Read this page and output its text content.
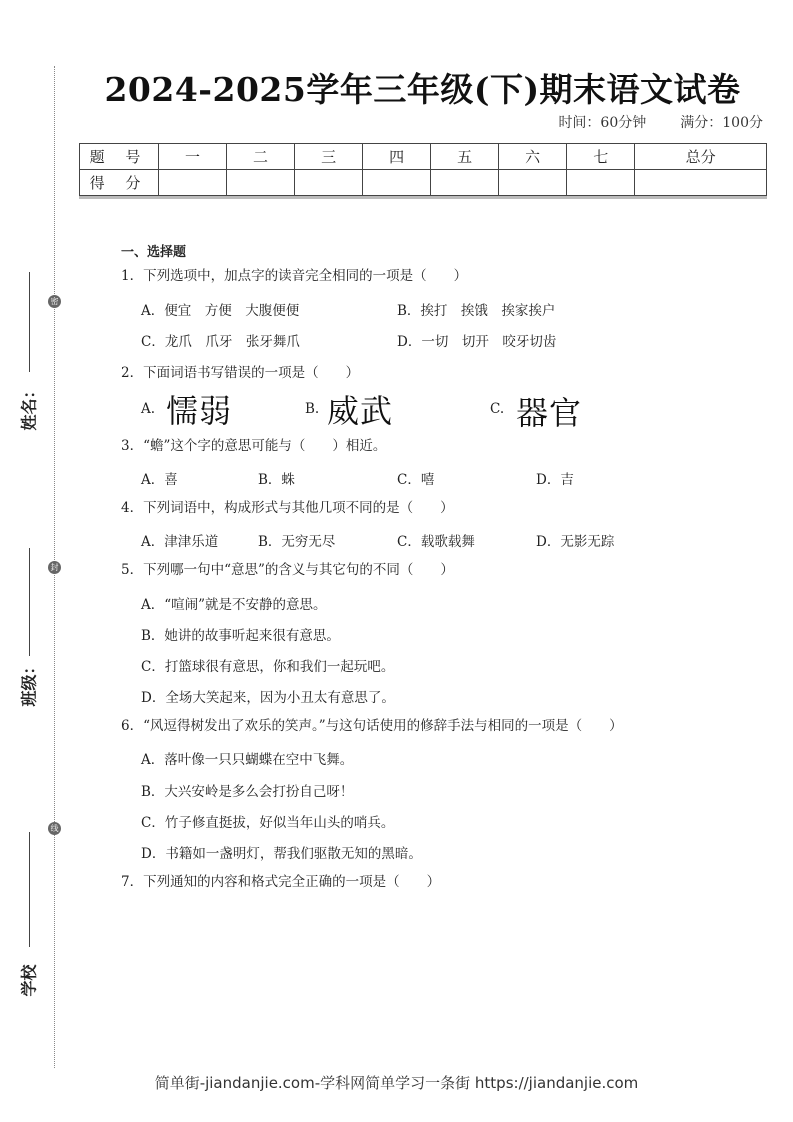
2024-2025学年三年级(下)期末语文试卷
时间：60分钟 满分：100分
题 号	一	二	三	四	五	六	七	总分
得 分								
密
封
线
姓名：
班级：
学校
一、选择题
1．下列选项中，加点字的读音完全相同的一项是（　　）
A．便宜　方便　大腹便便	B．挨打　挨饿　挨家挨户
C．龙爪　爪牙　张牙舞爪	D．一切　切开　咬牙切齿
2．下面词语书写错误的一项是（　　）
A. 懦弱	B. 威武	C. 器官
3．“蟾”这个字的意思可能与（　　）相近。
A．喜	B．蛛	C．嘻	D．吉
4．下列词语中，构成形式与其他几项不同的是（　　）
A．津津乐道	B．无穷无尽	C．载歌载舞	D．无影无踪
5．下列哪一句中“意思”的含义与其它句的不同（　　）
A．“喧闹”就是不安静的意思。
B．她讲的故事听起来很有意思。
C．打篮球很有意思，你和我们一起玩吧。
D．全场大笑起来，因为小丑太有意思了。
6．“风逗得树发出了欢乐的笑声。”与这句话使用的修辞手法与相同的一项是（　　）
A．落叶像一只只蝴蝶在空中飞舞。
B．大兴安岭是多么会打扮自己呀！
C．竹子修直挺拔，好似当年山头的哨兵。
D．书籍如一盏明灯，帮我们驱散无知的黑暗。
7．下列通知的内容和格式完全正确的一项是（　　）
简单街-jiandanjie.com-学科网简单学习一条街 https://jiandanjie.com
